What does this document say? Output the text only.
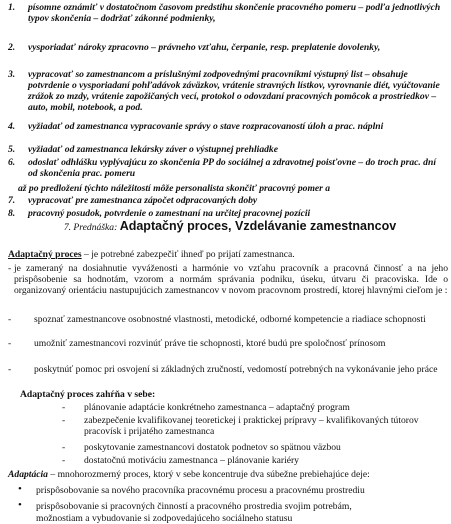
1.	písomne oznámiť v dostatočnom časovom predstihu skončenie pracovného pomeru – podľa jednotlivých typov skončenia – dodržať zákonné podmienky,
2.	vysporiadať nároky zpracovno – právneho vzťahu, čerpanie, resp. preplatenie dovolenky,
3.	vypracovať so zamestnancom a príslušnými zodpovednými pracovníkmi výstupný list – obsahuje potvrdenie o vysporiadaní pohľadávok záväzkov, vrátenie stravných lístkov, vyrovnanie diét, vyúčtovanie zrážok zo mzdy, vrátenie zapožičaných vecí, protokol o odovzdaní pracovných pomôcok a prostriedkov – auto, mobil, notebook, a pod.
4.	vyžiadať od zamestnanca vypracovanie správy o stave rozpracovaností úloh a prac. náplni
5.	vyžiadať od zamestnanca lekársky záver o výstupnej prehliadke
6.	odoslať odhlášku vyplývajúcu zo skončenia PP do sociálnej a zdravotnej poisťovne – do troch prac. dní od skončenia prac. pomeru
až po predložení týchto náležitostí môže personalista skončiť pracovný pomer a
7.	vypracovať pre zamestnanca zápočet odpracovaných doby
8.	pracovný posudok, potvrdenie o zamestnaní na určitej pracovnej pozícii
7. Prednáška: Adaptačný proces, Vzdelávanie zamestnancov
Adaptačný proces – je potrebné zabezpečiť ihneď po prijatí zamestnanca.
- je zameraný na dosiahnutie vyváženosti a harmónie vo vzťahu pracovník a pracovná činnosť a na jeho prispôsobenie sa hodnotám, vzorom a normám správania podniku, úseku, útvaru či pracoviska. Ide o organizovaný orientáciu nastupujúcich zamestnancov v novom pracovnom prostredí, ktorej hlavnými cieľom je :
- spoznať zamestnancove osobnostné vlastnosti, metodické, odborné kompetencie a riadiace schopnosti
- umožniť zamestnancovi rozvinúť práve tie schopnosti, ktoré budú pre spoločnosť prínosom
- poskytnúť pomoc pri osvojení si základných zručností, vedomostí potrebných na vykonávanie jeho práce
Adaptačný proces zahŕňa v sebe:
- plánovanie adaptácie konkrétneho zamestnanca – adaptačný program
- zabezpečenie kvalifikovanej teoretickej i praktickej prípravy – kvalifikovaných tútorov pracovísk i prijatého zamestnanca
- poskytovanie zamestnancovi dostatok podnetov so spätnou väzbou
- dostatočnú motiváciu zamestnanca – plánovanie kariéry
Adaptácia – mnohorozmerný proces, ktorý v sebe koncentruje dva súbežne prebiehajúce deje:
• prispôsobovanie sa nového pracovníka pracovnému procesu a pracovnému prostrediu
• prispôsobovanie si pracovných činností a pracovného prostredia svojim potrebám,
možnostiam a vybudovanie si zodpovedajúceho sociálneho statusu
